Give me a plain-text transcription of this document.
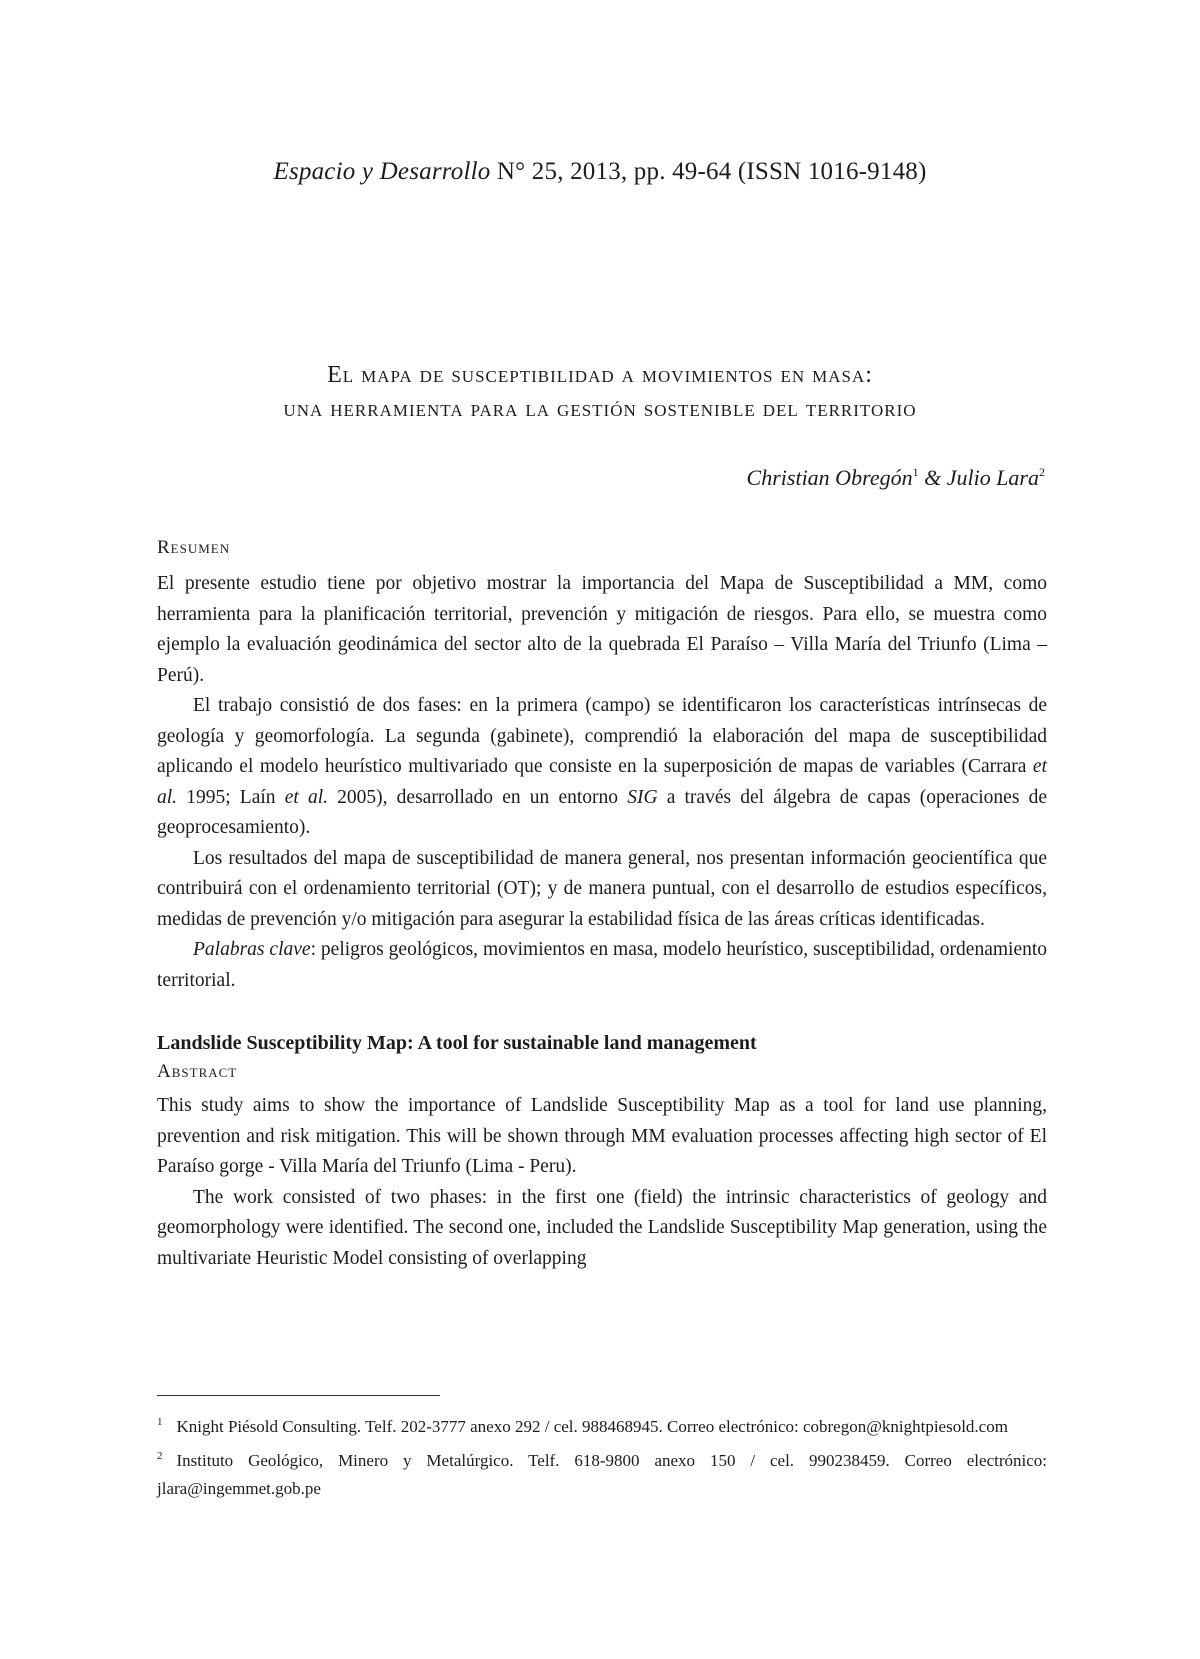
Espacio y Desarrollo N° 25, 2013, pp. 49-64 (ISSN 1016-9148)
El mapa de susceptibilidad a movimientos en masa:
una herramienta para la gestión sostenible del territorio
Christian Obregón$^1$ & Julio Lara$^2$
Resumen

El presente estudio tiene por objetivo mostrar la importancia del Mapa de Susceptibilidad a MM, como herramienta para la planificación territorial, prevención y mitigación de riesgos. Para ello, se muestra como ejemplo la evaluación geodinámica del sector alto de la quebrada El Paraíso – Villa María del Triunfo (Lima – Perú).

El trabajo consistió de dos fases: en la primera (campo) se identificaron los características intrínsecas de geología y geomorfología. La segunda (gabinete), comprendió la elaboración del mapa de susceptibilidad aplicando el modelo heurístico multivariado que consiste en la superposición de mapas de variables (Carrara et al. 1995; Laín et al. 2005), desarrollado en un entorno SIG a través del álgebra de capas (operaciones de geoprocesamiento).

Los resultados del mapa de susceptibilidad de manera general, nos presentan información geocientífica que contribuirá con el ordenamiento territorial (OT); y de manera puntual, con el desarrollo de estudios específicos, medidas de prevención y/o mitigación para asegurar la estabilidad física de las áreas críticas identificadas.

Palabras clave: peligros geológicos, movimientos en masa, modelo heurístico, susceptibilidad, ordenamiento territorial.

Landslide Susceptibility Map: A tool for sustainable land management
Abstract

This study aims to show the importance of Landslide Susceptibility Map as a tool for land use planning, prevention and risk mitigation. This will be shown through MM evaluation processes affecting high sector of El Paraíso gorge - Villa María del Triunfo (Lima - Peru).

The work consisted of two phases: in the first one (field) the intrinsic characteristics of geology and geomorphology were identified. The second one, included the Landslide Susceptibility Map generation, using the multivariate Heuristic Model consisting of overlapping

$^1$ Knight Piésold Consulting. Telf. 202-3777 anexo 292 / cel. 988468945. Correo electrónico: cobregon@knightpiesold.com

$^2$ Instituto Geológico, Minero y Metalúrgico. Telf. 618-9800 anexo 150 / cel. 990238459. Correo electrónico: jlara@ingemmet.gob.pe
